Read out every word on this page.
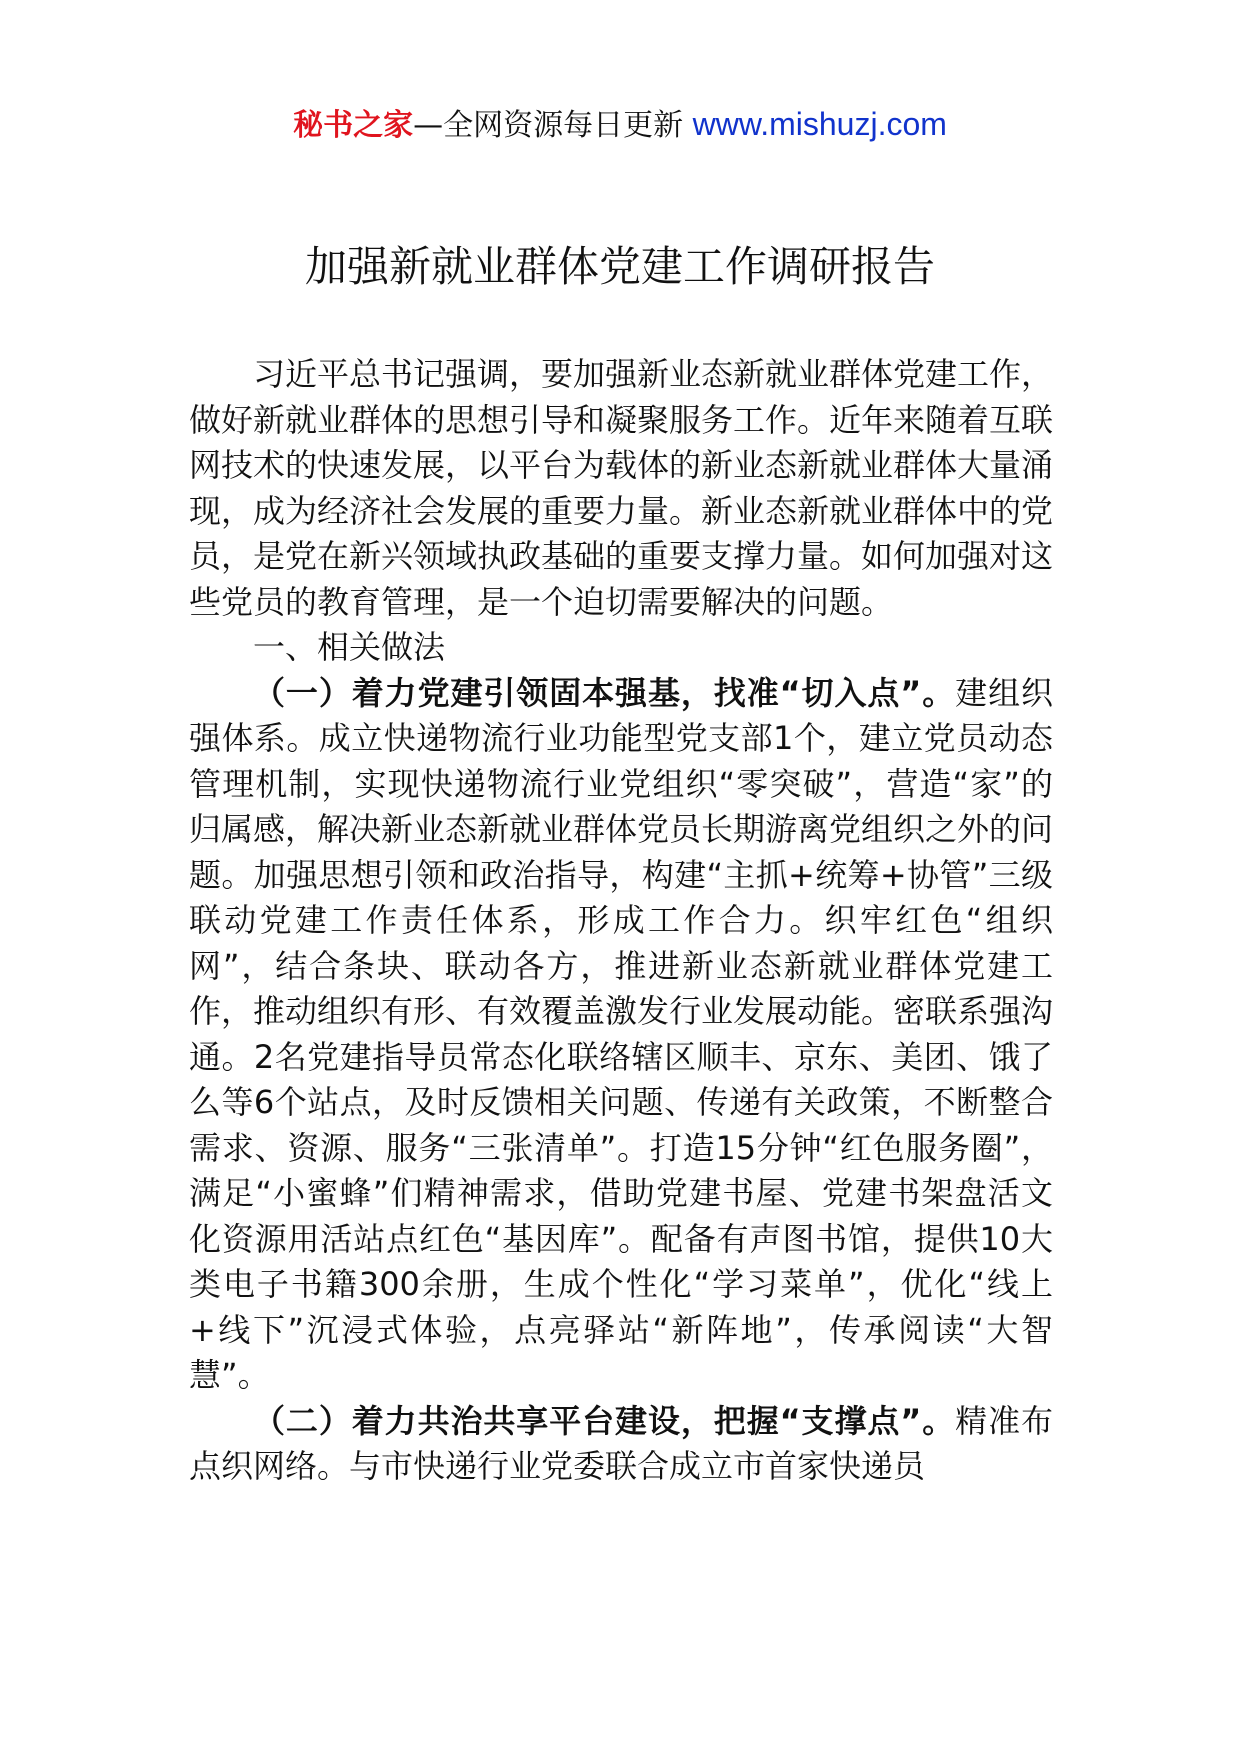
秘书之家—全网资源每日更新 www.mishuzj.com
加强新就业群体党建工作调研报告

习近平总书记强调，要加强新业态新就业群体党建工作，做好新就业群体的思想引导和凝聚服务工作。近年来随着互联网技术的快速发展，以平台为载体的新业态新就业群体大量涌现，成为经济社会发展的重要力量。新业态新就业群体中的党员，是党在新兴领域执政基础的重要支撑力量。如何加强对这些党员的教育管理，是一个迫切需要解决的问题。

一、相关做法

（一）着力党建引领固本强基，找准“切入点”。建组织强体系。成立快递物流行业功能型党支部1个，建立党员动态管理机制，实现快递物流行业党组织“零突破”，营造“家”的归属感，解决新业态新就业群体党员长期游离党组织之外的问题。加强思想引领和政治指导，构建“主抓+统筹+协管”三级联动党建工作责任体系，形成工作合力。织牢红色“组织网”，结合条块、联动各方，推进新业态新就业群体党建工作，推动组织有形、有效覆盖激发行业发展动能。密联系强沟通。2名党建指导员常态化联络辖区顺丰、京东、美团、饿了么等6个站点，及时反馈相关问题、传递有关政策，不断整合需求、资源、服务“三张清单”。打造15分钟“红色服务圈”，满足“小蜜蜂”们精神需求，借助党建书屋、党建书架盘活文化资源用活站点红色“基因库”。配备有声图书馆，提供10大类电子书籍300余册，生成个性化“学习菜单”，优化“线上+线下”沉浸式体验，点亮驿站“新阵地”，传承阅读“大智慧”。

（二）着力共治共享平台建设，把握“支撑点”。精准布点织网络。与市快递行业党委联合成立市首家快递员
